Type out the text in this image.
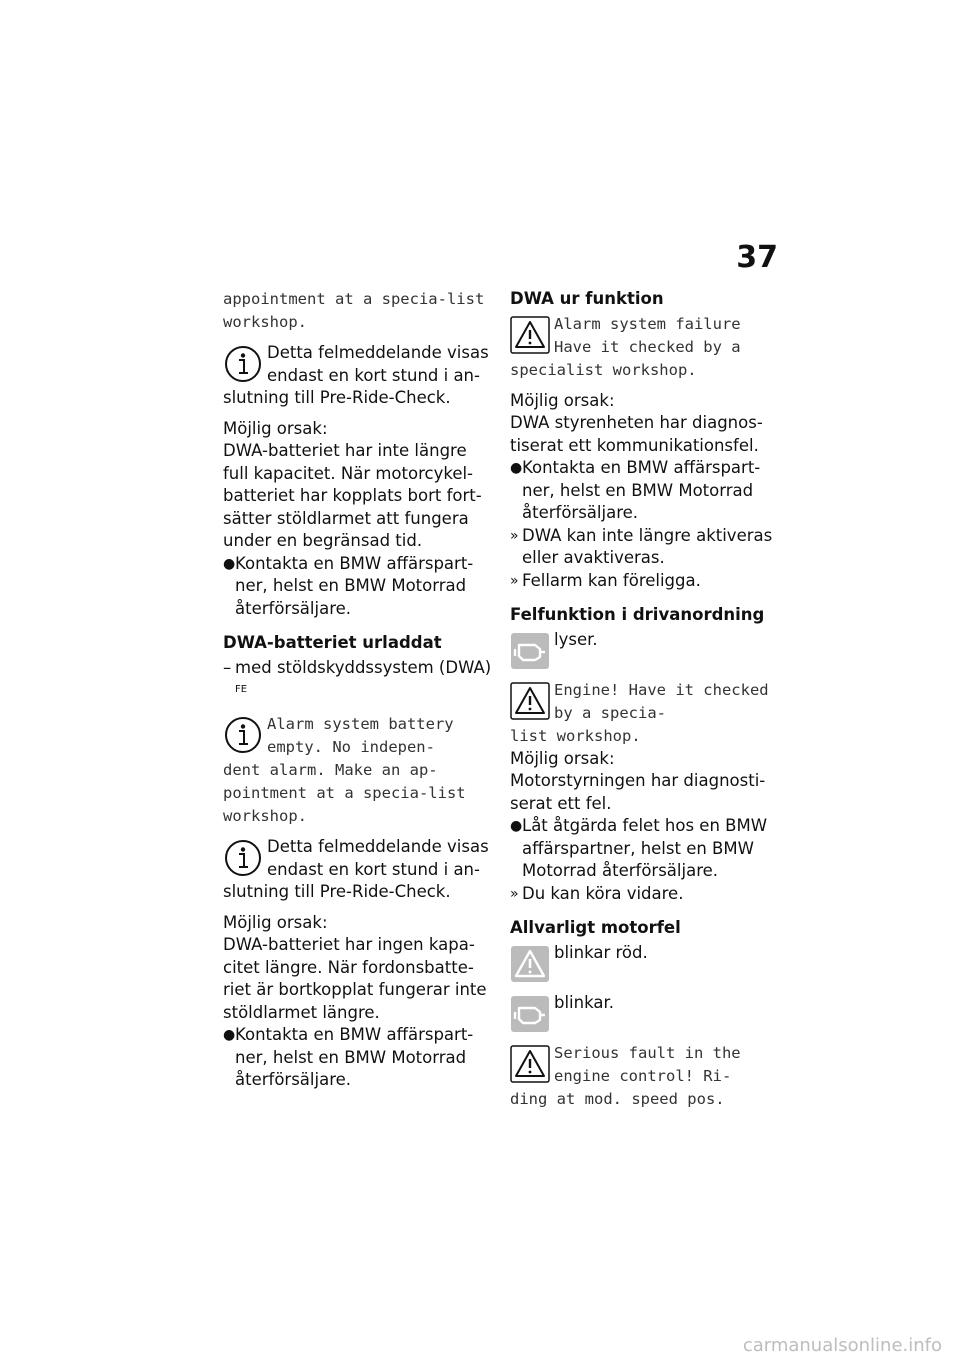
37

appointment at a specia-list workshop.

Detta felmeddelande visas endast en kort stund i an-

slutning till Pre-Ride-Check.

Möjlig orsak:

DWA-batteriet har inte längre full kapacitet. När motorcykel-batteriet har kopplats bort fort-sätter stöldlarmet att fungera under en begränsad tid.

● Kontakta en BMW affärspart-ner, helst en BMW Motorrad återförsäljare.

DWA-batteriet urladdat

– med stöldskyddssystem (DWA) $^{FE}$

Alarm system battery empty. No indepen-

dent alarm. Make an ap-pointment at a specia-list workshop.

Detta felmeddelande visas endast en kort stund i an-

slutning till Pre-Ride-Check.

Möjlig orsak:

DWA-batteriet har ingen kapa-citet längre. När fordonsbatte-riet är bortkopplat fungerar inte stöldlarmet längre.

● Kontakta en BMW affärspart-ner, helst en BMW Motorrad återförsäljare.

DWA ur funktion

Alarm system failure Have it checked by a

specialist workshop.

Möjlig orsak:

DWA styrenheten har diagnos-tiserat ett kommunikationsfel.

● Kontakta en BMW affärspart-ner, helst en BMW Motorrad återförsäljare.
» DWA kan inte längre aktiveras eller avaktiveras.
» Fellarm kan föreligga.

Felfunktion i drivanordning

lyser.

Engine! Have it checked by a specia-

list workshop.

Möjlig orsak:

Motorstyrningen har diagnosti-serat ett fel.

● Låt åtgärda felet hos en BMW affärspartner, helst en BMW Motorrad återförsäljare.
» Du kan köra vidare.

Allvarligt motorfel

blinkar röd.

blinkar.

Serious fault in the engine control! Ri-

ding at mod. speed pos.

carmanualsonline.info
